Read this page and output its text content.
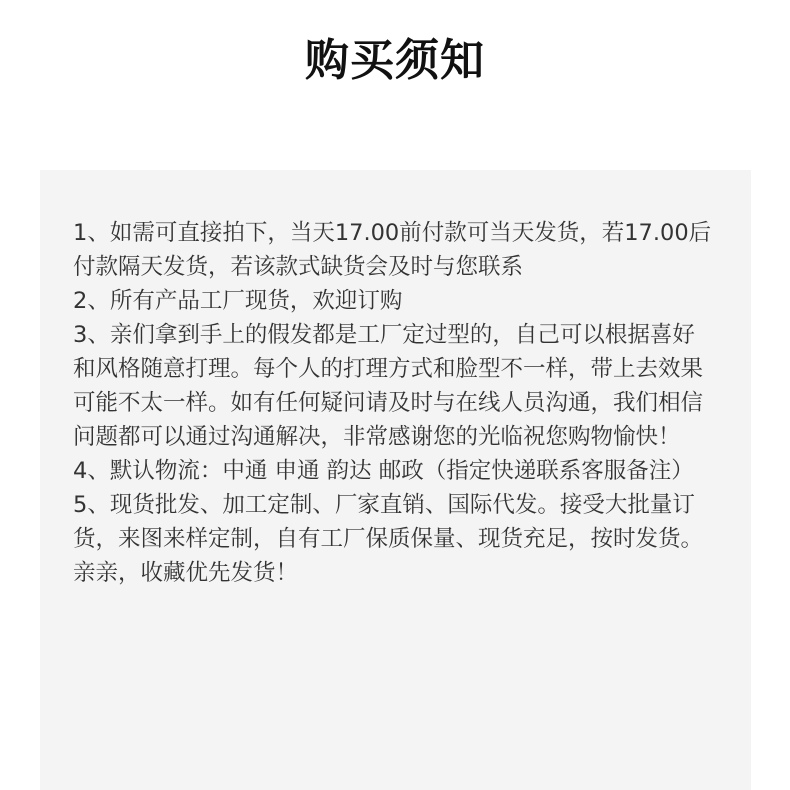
购买须知
1、如需可直接拍下，当天17.00前付款可当天发货，若17.00后付款隔天发货，若该款式缺货会及时与您联系
2、所有产品工厂现货，欢迎订购
3、亲们拿到手上的假发都是工厂定过型的，自己可以根据喜好和风格随意打理。每个人的打理方式和脸型不一样，带上去效果可能不太一样。如有任何疑问请及时与在线人员沟通，我们相信问题都可以通过沟通解决，非常感谢您的光临祝您购物愉快！
4、默认物流：中通 申通 韵达 邮政（指定快递联系客服备注）
5、现货批发、加工定制、厂家直销、国际代发。接受大批量订货，来图来样定制，自有工厂保质保量、现货充足，按时发货。
亲亲，收藏优先发货！
